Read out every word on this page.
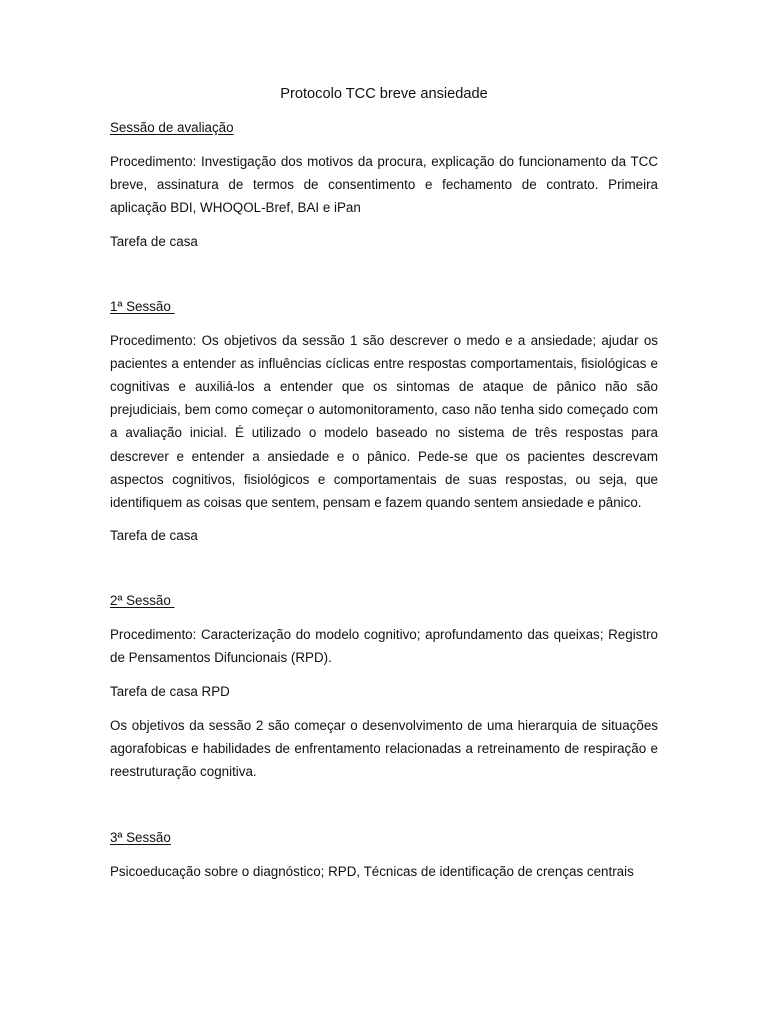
Protocolo TCC breve ansiedade
Sessão de avaliação

Procedimento: Investigação dos motivos da procura, explicação do funcionamento da TCC breve, assinatura de termos de consentimento e fechamento de contrato. Primeira aplicação BDI, WHOQOL-Bref, BAI e iPan

Tarefa de casa

1ª Sessão

Procedimento: Os objetivos da sessão 1 são descrever o medo e a ansiedade; ajudar os pacientes a entender as influências cíclicas entre respostas comportamentais, fisiológicas e cognitivas e auxiliá-los a entender que os sintomas de ataque de pânico não são prejudiciais, bem como começar o automonitoramento, caso não tenha sido começado com a avaliação inicial. É utilizado o modelo baseado no sistema de três respostas para descrever e entender a ansiedade e o pânico. Pede-se que os pacientes descrevam aspectos cognitivos, fisiológicos e comportamentais de suas respostas, ou seja, que identifiquem as coisas que sentem, pensam e fazem quando sentem ansiedade e pânico.

Tarefa de casa

2ª Sessão

Procedimento: Caracterização do modelo cognitivo; aprofundamento das queixas; Registro de Pensamentos Difuncionais (RPD).

Tarefa de casa RPD

Os objetivos da sessão 2 são começar o desenvolvimento de uma hierarquia de situações agorafobicas e habilidades de enfrentamento relacionadas a retreinamento de respiração e reestruturação cognitiva.

3ª Sessão

Psicoeducação sobre o diagnóstico; RPD, Técnicas de identificação de crenças centrais
